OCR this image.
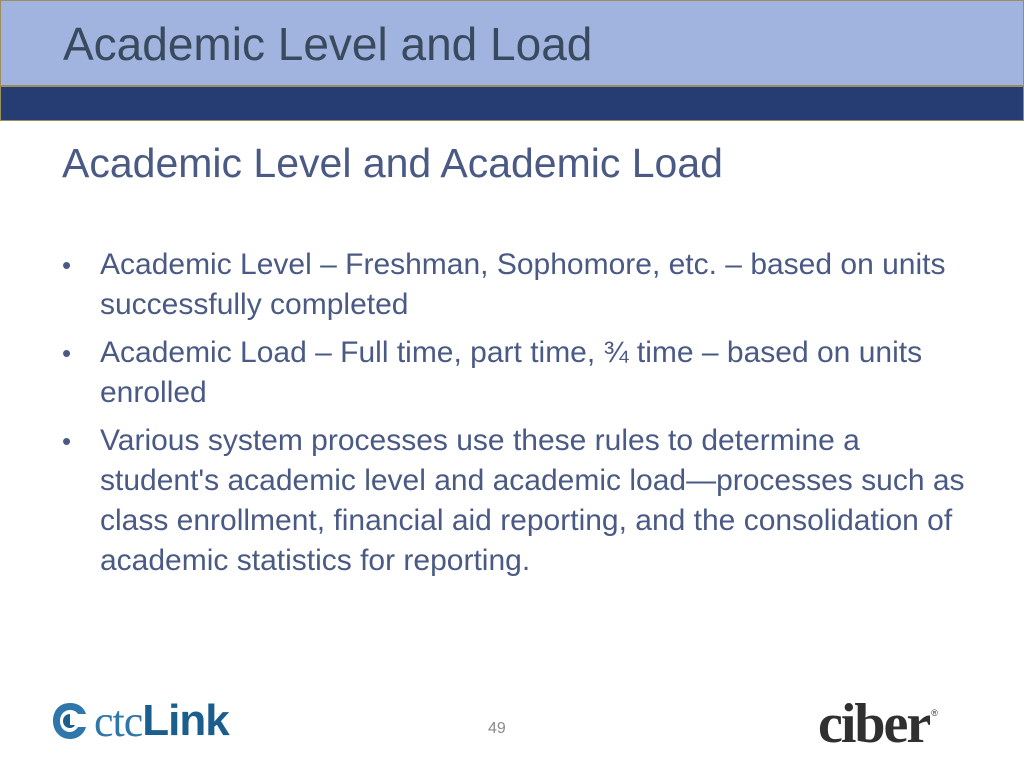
Academic Level and Load
Academic Level and Academic Load
• Academic Level – Freshman, Sophomore, etc. – based on units successfully completed
• Academic Load – Full time, part time, ¾ time – based on units enrolled
• Various system processes use these rules to determine a student's academic level and academic load—processes such as class enrollment, financial aid reporting, and the consolidation of academic statistics for reporting.
ctc Link	49	ciber ®
